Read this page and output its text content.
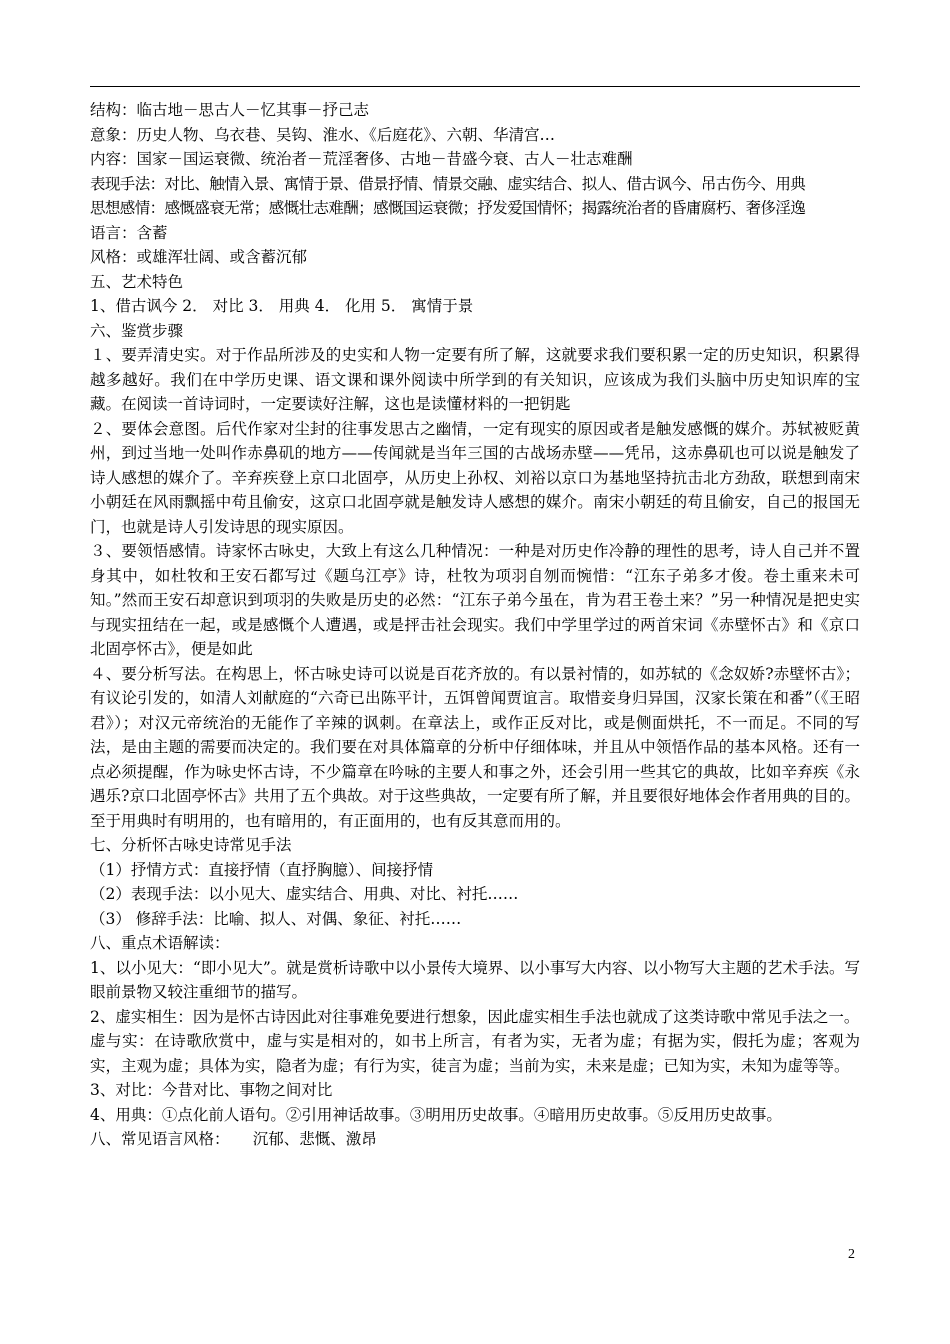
结构：临古地－思古人－忆其事－抒己志

意象：历史人物、乌衣巷、吴钩、淮水、《后庭花》、六朝、华清宫…

内容：国家－国运衰微、统治者－荒淫奢侈、古地－昔盛今衰、古人－壮志难酬

表现手法：对比、触情入景、寓情于景、借景抒情、情景交融、虚实结合、拟人、借古讽今、吊古伤今、用典

思想感情：感慨盛衰无常；感慨壮志难酬；感慨国运衰微；抒发爱国情怀；揭露统治者的昏庸腐朽、奢侈淫逸

语言：含蓄

风格：或雄浑壮阔、或含蓄沉郁

五、艺术特色

1、借古讽今 2． 对比 3． 用典 4． 化用 5． 寓情于景

六、鉴赏步骤

１、要弄清史实。对于作品所涉及的史实和人物一定要有所了解，这就要求我们要积累一定的历史知识，积累得越多越好。我们在中学历史课、语文课和课外阅读中所学到的有关知识，应该成为我们头脑中历史知识库的宝藏。在阅读一首诗词时，一定要读好注解，这也是读懂材料的一把钥匙

２、要体会意图。后代作家对尘封的往事发思古之幽情，一定有现实的原因或者是触发感慨的媒介。苏轼被贬黄州，到过当地一处叫作赤鼻矶的地方——传闻就是当年三国的古战场赤壁——凭吊，这赤鼻矶也可以说是触发了诗人感想的媒介了。辛弃疾登上京口北固亭，从历史上孙权、刘裕以京口为基地坚持抗击北方劲敌，联想到南宋小朝廷在风雨飘摇中苟且偷安，这京口北固亭就是触发诗人感想的媒介。南宋小朝廷的苟且偷安，自己的报国无门，也就是诗人引发诗思的现实原因。

３、要领悟感情。诗家怀古咏史，大致上有这么几种情况：一种是对历史作冷静的理性的思考，诗人自己并不置身其中，如杜牧和王安石都写过《题乌江亭》诗，杜牧为项羽自刎而惋惜：“江东子弟多才俊。卷土重来未可知。”然而王安石却意识到项羽的失败是历史的必然：“江东子弟今虽在，肯为君王卷土来？”另一种情况是把史实与现实扭结在一起，或是感慨个人遭遇，或是抨击社会现实。我们中学里学过的两首宋词《赤壁怀古》和《京口北固亭怀古》，便是如此

４、要分析写法。在构思上，怀古咏史诗可以说是百花齐放的。有以景衬情的，如苏轼的《念奴娇?赤壁怀古》；有议论引发的，如清人刘献庭的“六奇已出陈平计，五饵曾闻贾谊言。取惜妾身归异国，汉家长策在和番”（《王昭君》）；对汉元帝统治的无能作了辛辣的讽刺。在章法上，或作正反对比，或是侧面烘托，不一而足。不同的写法，是由主题的需要而决定的。我们要在对具体篇章的分析中仔细体味，并且从中领悟作品的基本风格。还有一点必须提醒，作为咏史怀古诗，不少篇章在吟咏的主要人和事之外，还会引用一些其它的典故，比如辛弃疾《永遇乐?京口北固亭怀古》共用了五个典故。对于这些典故，一定要有所了解，并且要很好地体会作者用典的目的。至于用典时有明用的，也有暗用的，有正面用的，也有反其意而用的。

七、分析怀古咏史诗常见手法

（1）抒情方式：直接抒情（直抒胸臆）、间接抒情

（2）表现手法：以小见大、虚实结合、用典、对比、衬托……

（3） 修辞手法：比喻、拟人、对偶、象征、衬托……

八、重点术语解读：

1、以小见大：“即小见大”。就是赏析诗歌中以小景传大境界、以小事写大内容、以小物写大主题的艺术手法。写眼前景物又较注重细节的描写。

2、虚实相生：因为是怀古诗因此对往事难免要进行想象，因此虚实相生手法也就成了这类诗歌中常见手法之一。

虚与实：在诗歌欣赏中，虚与实是相对的，如书上所言，有者为实，无者为虚；有据为实，假托为虚；客观为实，主观为虚；具体为实，隐者为虚；有行为实，徒言为虚；当前为实，未来是虚；已知为实，未知为虚等等。

3、对比：今昔对比、事物之间对比

4、用典：①点化前人语句。②引用神话故事。③明用历史故事。④暗用历史故事。⑤反用历史故事。

八、常见语言风格：　　沉郁、悲慨、激昂

2
